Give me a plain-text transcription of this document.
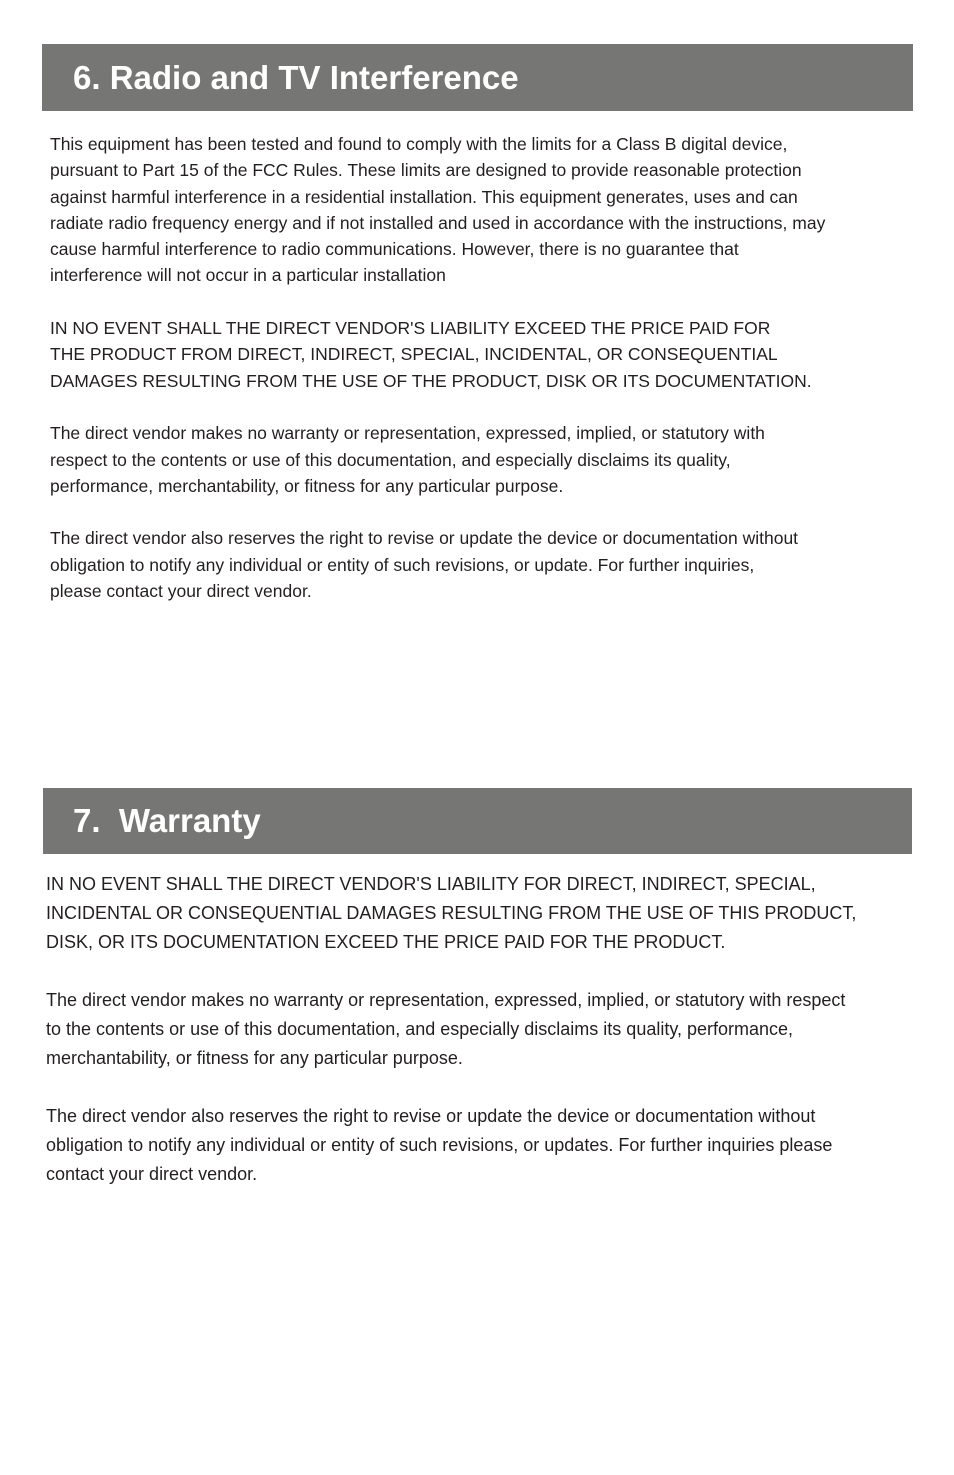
6. Radio and TV Interference

This equipment has been tested and found to comply with the limits for a Class B digital device,
pursuant to Part 15 of the FCC Rules. These limits are designed to provide reasonable protection
against harmful interference in a residential installation. This equipment generates, uses and can
radiate radio frequency energy and if not installed and used in accordance with the instructions, may
cause harmful interference to radio communications. However, there is no guarantee that
interference will not occur in a particular installation

IN NO EVENT SHALL THE DIRECT VENDOR'S LIABILITY EXCEED THE PRICE PAID FOR
THE PRODUCT FROM DIRECT, INDIRECT, SPECIAL, INCIDENTAL, OR CONSEQUENTIAL
DAMAGES RESULTING FROM THE USE OF THE PRODUCT, DISK OR ITS DOCUMENTATION.

The direct vendor makes no warranty or representation, expressed, implied, or statutory with
respect to the contents or use of this documentation, and especially disclaims its quality,
performance, merchantability, or fitness for any particular purpose.

The direct vendor also reserves the right to revise or update the device or documentation without
obligation to notify any individual or entity of such revisions, or update. For further inquiries,
please contact your direct vendor.

7.  Warranty

IN NO EVENT SHALL THE DIRECT VENDOR'S LIABILITY FOR DIRECT, INDIRECT, SPECIAL,
INCIDENTAL OR CONSEQUENTIAL DAMAGES RESULTING FROM THE USE OF THIS PRODUCT,
DISK, OR ITS DOCUMENTATION EXCEED THE PRICE PAID FOR THE PRODUCT.

The direct vendor makes no warranty or representation, expressed, implied, or statutory with respect
to the contents or use of this documentation, and especially disclaims its quality, performance,
merchantability, or fitness for any particular purpose.

The direct vendor also reserves the right to revise or update the device or documentation without
obligation to notify any individual or entity of such revisions, or updates. For further inquiries please
contact your direct vendor.
